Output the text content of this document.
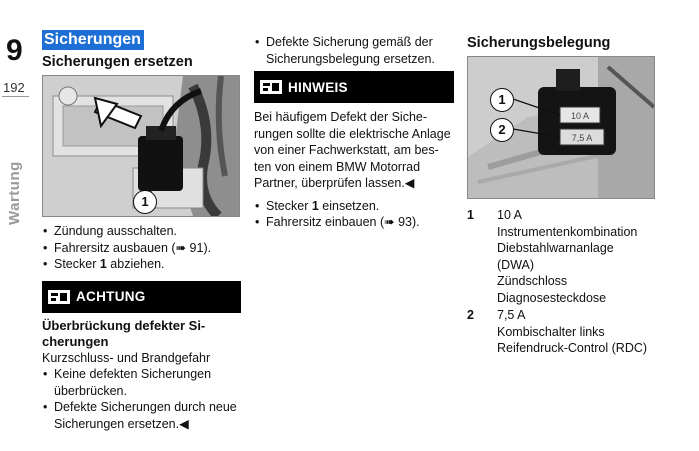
9
192
Wartung
Sicherungen
Sicherungen ersetzen
1
• Zündung ausschalten.
• Fahrersitz ausbauen (➠ 91).
• Stecker 1 abziehen.
ACHTUNG
Überbrückung defekter Si-
cherungen
Kurzschluss- und Brandgefahr
• Keine defekten Sicherungen überbrücken.
• Defekte Sicherungen durch neue Sicherungen ersetzen.◀
• Defekte Sicherung gemäß der Sicherungsbelegung ersetzen.
HINWEIS
Bei häufigem Defekt der Siche-
rungen sollte die elektrische Anlage
von einer Fachwerkstatt, am bes-
ten von einem BMW Motorrad
Partner, überprüfen lassen.◀
• Stecker 1 einsetzen.
• Fahrersitz einbauen (➠ 93).
Sicherungsbelegung
10 A
7,5 A
1
2
1	10 A
Instrumentenkombination
Diebstahlwarnanlage
(DWA)
Zündschloss
Diagnosesteckdose
2	7,5 A
Kombischalter links
Reifendruck-Control (RDC)
